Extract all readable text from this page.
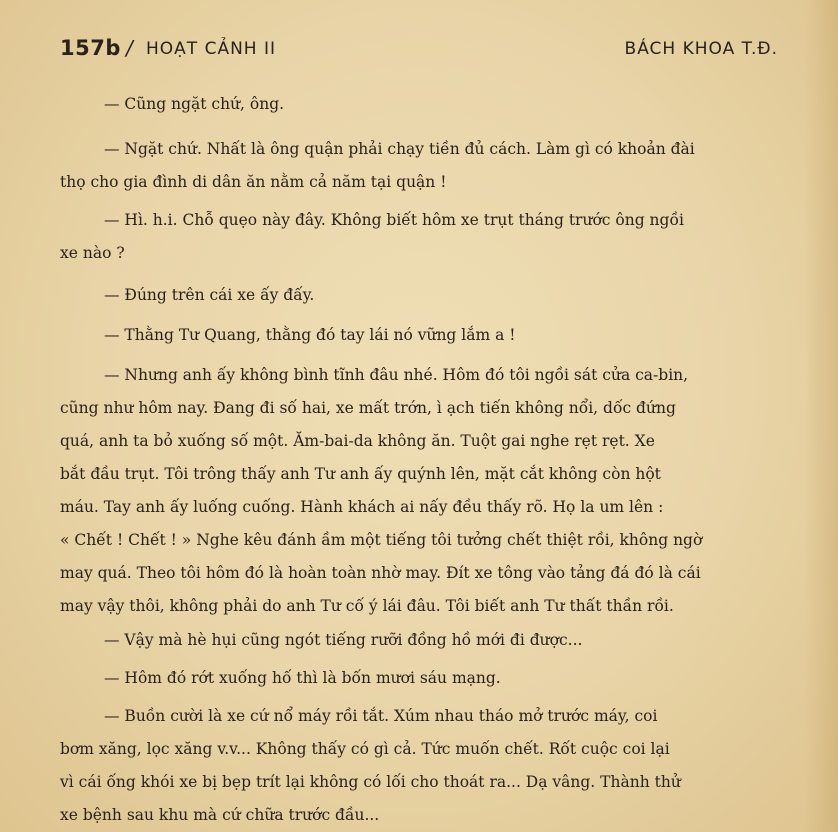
157b / HOẠT CẢNH II	BÁCH KHOA T.Đ.

— Cũng ngặt chứ, ông.

— Ngặt chứ. Nhất là ông quận phải chạy tiền đủ cách. Làm gì có khoản đài
thọ cho gia đình di dân ăn nằm cả năm tại quận !

— Hì. h.i. Chỗ quẹo này đây. Không biết hôm xe trụt tháng trước ông ngồi
xe nào ?

— Đúng trên cái xe ấy đấy.

— Thằng Tư Quang, thằng đó tay lái nó vững lắm a !

— Nhưng anh ấy không bình tĩnh đâu nhé. Hôm đó tôi ngồi sát cửa ca-bin,
cũng như hôm nay. Đang đi số hai, xe mất trớn, ì ạch tiến không nổi, dốc đứng
quá, anh ta bỏ xuống số một. Ăm-bai-da không ăn. Tuột gai nghe rẹt rẹt. Xe
bắt đầu trụt. Tôi trông thấy anh Tư anh ấy quýnh lên, mặt cắt không còn hột
máu. Tay anh ấy luống cuống. Hành khách ai nấy đều thấy rõ. Họ la um lên :
« Chết ! Chết ! » Nghe kêu đánh ầm một tiếng tôi tưởng chết thiệt rồi, không ngờ
may quá. Theo tôi hôm đó là hoàn toàn nhờ may. Đít xe tông vào tảng đá đó là cái
may vậy thôi, không phải do anh Tư cố ý lái đâu. Tôi biết anh Tư thất thần rồi.

— Vậy mà hè hụi cũng ngót tiếng rưỡi đồng hồ mới đi được...

— Hôm đó rớt xuống hố thì là bốn mươi sáu mạng.

— Buồn cười là xe cứ nổ máy rồi tắt. Xúm nhau tháo mở trước máy, coi
bơm xăng, lọc xăng v.v... Không thấy có gì cả. Tức muốn chết. Rốt cuộc coi lại
vì cái ống khói xe bị bẹp trít lại không có lối cho thoát ra... Dạ vâng. Thành thử
xe bệnh sau khu mà cứ chữa trước đầu...
